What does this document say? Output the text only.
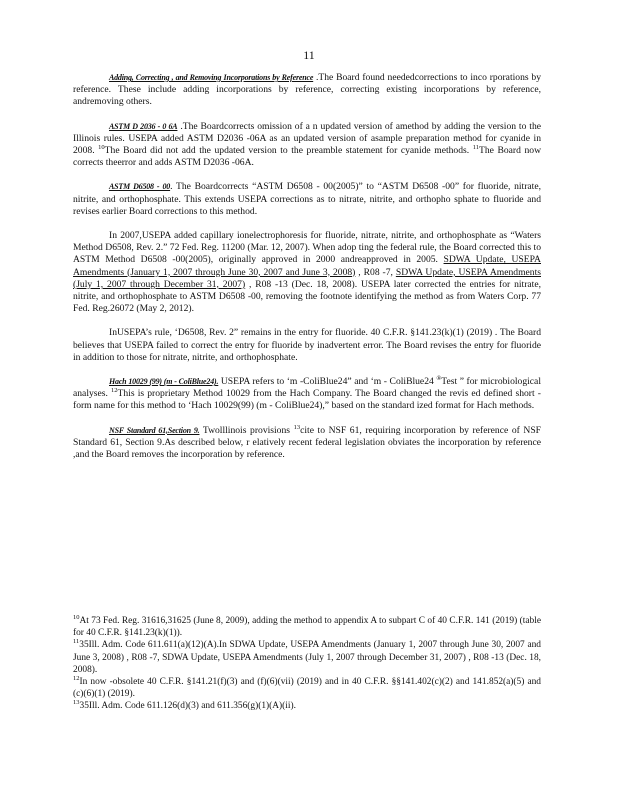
11

Adding, Correcting , and Removing Incorporations by Reference .The Board found neededcorrections to inco rporations by reference. These include adding incorporations by reference, correcting existing incorporations by reference, andremoving others.

ASTM D 2036 - 0 6A .The Boardcorrects omission of a n updated version of amethod by adding the version to the Illinois rules. USEPA added ASTM D2036 -06A as an updated version of asample preparation method for cyanide in 2008. $^{10}$The Board did not add the updated version to the preamble statement for cyanide methods. $^{11}$The Board now corrects theerror and adds ASTM D2036 -06A.

ASTM D6508 - 00. The Boardcorrects “ASTM D6508 - 00(2005)” to “ASTM D6508 -00” for fluoride, nitrate, nitrite, and orthophosphate. This extends USEPA corrections as to nitrate, nitrite, and orthopho sphate to fluoride and revises earlier Board corrections to this method.

In 2007,USEPA added capillary ionelectrophoresis for fluoride, nitrate, nitrite, and orthophosphate as “Waters Method D6508, Rev. 2.” 72 Fed. Reg. 11200 (Mar. 12, 2007). When adop ting the federal rule, the Board corrected this to ASTM Method D6508 -00(2005), originally approved in 2000 andreapproved in 2005. SDWA Update, USEPA Amendments (January 1, 2007 through June 30, 2007 and June 3, 2008) , R08 -7, SDWA Update, USEPA Amendments (July 1, 2007 through December 31, 2007) , R08 -13 (Dec. 18, 2008). USEPA later corrected the entries for nitrate, nitrite, and orthophosphate to ASTM D6508 -00, removing the footnote identifying the method as from Waters Corp. 77 Fed. Reg.26072 (May 2, 2012).

InUSEPA’s rule, ‘D6508, Rev. 2” remains in the entry for fluoride. 40 C.F.R. §141.23(k)(1) (2019) . The Board believes that USEPA failed to correct the entry for fluoride by inadvertent error. The Board revises the entry for fluoride in addition to those for nitrate, nitrite, and orthophosphate.

Hach 10029 (99) (m - ColiBlue24). USEPA refers to ‘m -ColiBlue24” and ‘m - ColiBlue24 ®Test ” for microbiological analyses. $^{12}$This is proprietary Method 10029 from the Hach Company. The Board changed the revis ed defined short - form name for this method to ‘Hach 10029(99) (m - ColiBlue24),” based on the standard ized format for Hach methods.

NSF Standard 61,Section 9. Twolllinois provisions $^{13}$cite to NSF 61, requiring incorporation by reference of NSF Standard 61, Section 9.As described below, r elatively recent federal legislation obviates the incorporation by reference ,and the Board removes the incorporation by reference.

$^{10}$At 73 Fed. Reg. 31616,31625 (June 8, 2009), adding the method to appendix A to subpart C of 40 C.F.R. 141 (2019) (table for 40 C.F.R. §141.23(k)(1)).

$^{11}$35Ill. Adm. Code 611.611(a)(12)(A).In SDWA Update, USEPA Amendments (January 1, 2007 through June 30, 2007 and June 3, 2008) , R08 -7, SDWA Update, USEPA Amendments (July 1, 2007 through December 31, 2007) , R08 -13 (Dec. 18, 2008).

$^{12}$In now -obsolete 40 C.F.R. §141.21(f)(3) and (f)(6)(vii) (2019) and in 40 C.F.R. §§141.402(c)(2) and 141.852(a)(5) and (c)(6)(1) (2019).

$^{13}$35Ill. Adm. Code 611.126(d)(3) and 611.356(g)(1)(A)(ii).
